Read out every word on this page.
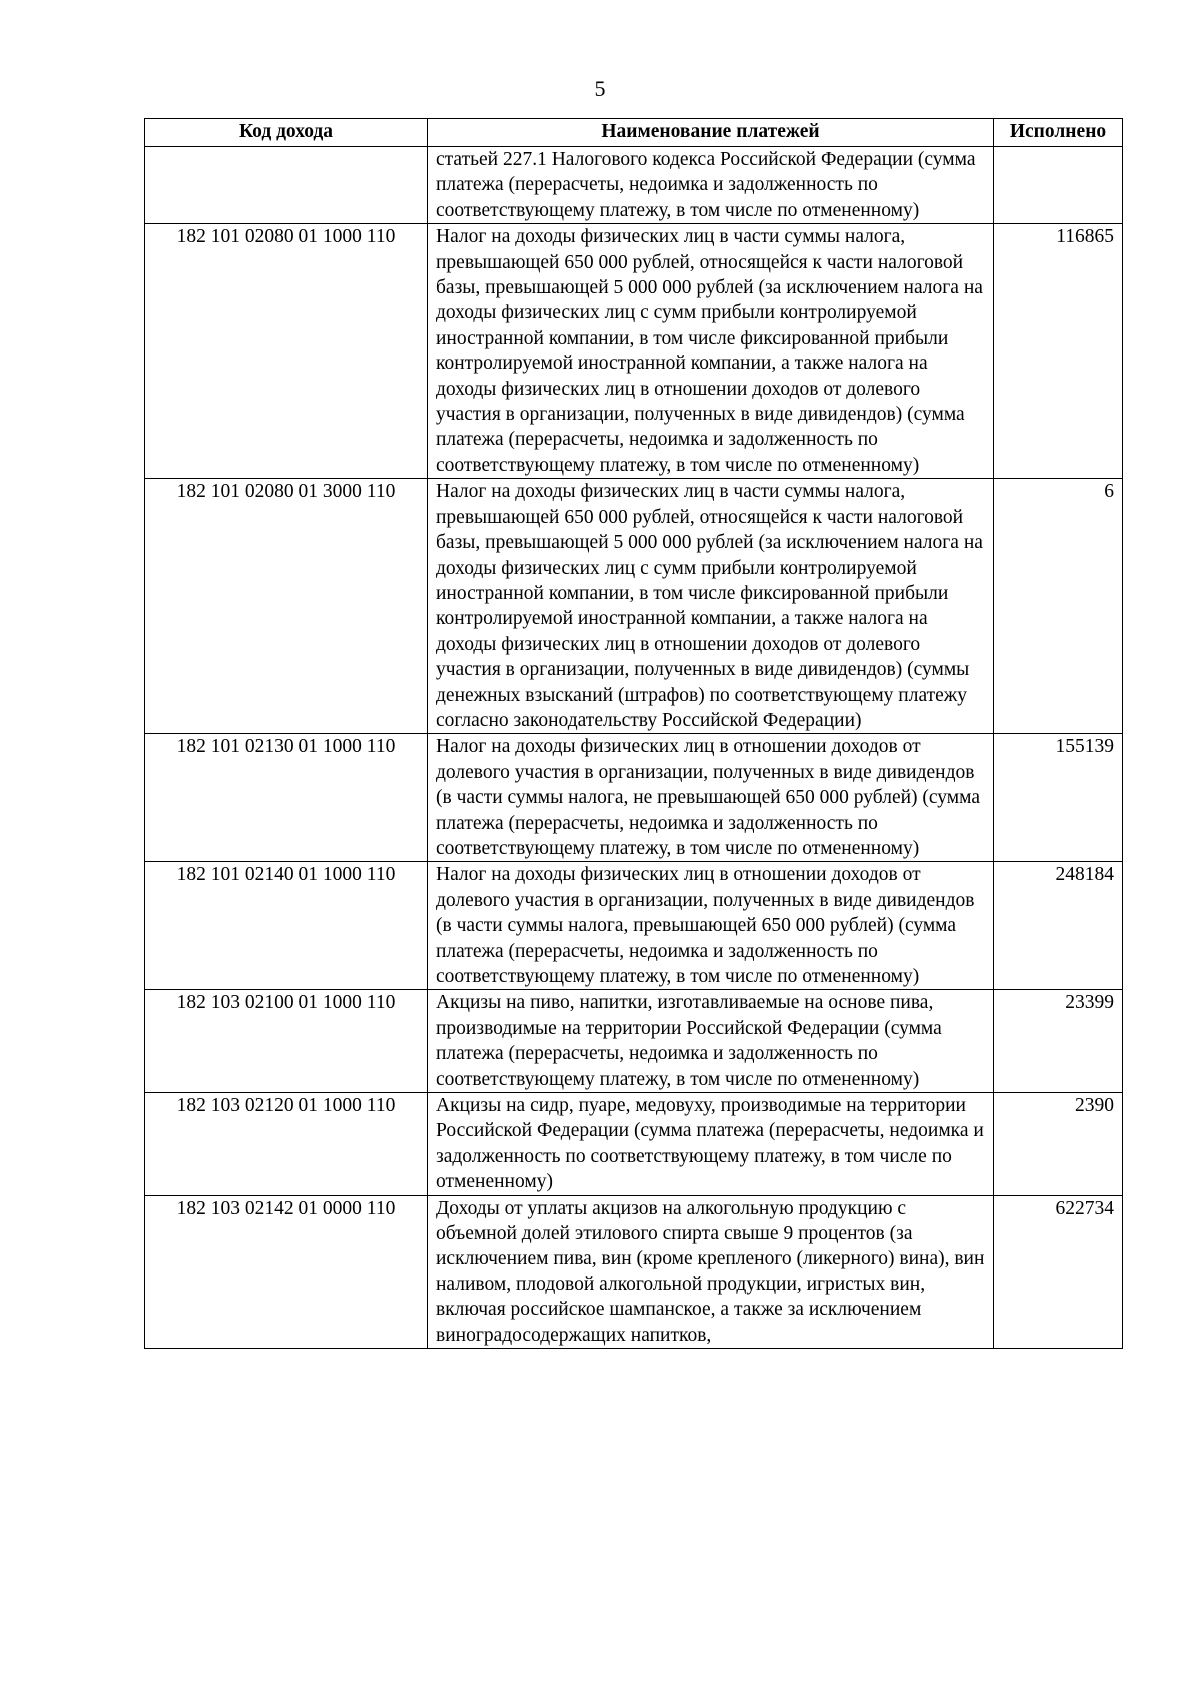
5
Код дохода	Наименование платежей	Исполнено
	статьей 227.1 Налогового кодекса Российской Федерации (сумма платежа (перерасчеты, недоимка и задолженность по соответствующему платежу, в том числе по отмененному)	
182 101 02080 01 1000 110	Налог на доходы физических лиц в части суммы налога, превышающей 650 000 рублей, относящейся к части налоговой базы, превышающей 5 000 000 рублей (за исключением налога на доходы физических лиц с сумм прибыли контролируемой иностранной компании, в том числе фиксированной прибыли контролируемой иностранной компании, а также налога на доходы физических лиц в отношении доходов от долевого участия в организации, полученных в виде дивидендов) (сумма платежа (перерасчеты, недоимка и задолженность по соответствующему платежу, в том числе по отмененному)	116865
182 101 02080 01 3000 110	Налог на доходы физических лиц в части суммы налога, превышающей 650 000 рублей, относящейся к части налоговой базы, превышающей 5 000 000 рублей (за исключением налога на доходы физических лиц с сумм прибыли контролируемой иностранной компании, в том числе фиксированной прибыли контролируемой иностранной компании, а также налога на доходы физических лиц в отношении доходов от долевого участия в организации, полученных в виде дивидендов) (суммы денежных взысканий (штрафов) по соответствующему платежу согласно законодательству Российской Федерации)	6
182 101 02130 01 1000 110	Налог на доходы физических лиц в отношении доходов от долевого участия в организации, полученных в виде дивидендов (в части суммы налога, не превышающей 650 000 рублей) (сумма платежа (перерасчеты, недоимка и задолженность по соответствующему платежу, в том числе по отмененному)	155139
182 101 02140 01 1000 110	Налог на доходы физических лиц в отношении доходов от долевого участия в организации, полученных в виде дивидендов (в части суммы налога, превышающей 650 000 рублей) (сумма платежа (перерасчеты, недоимка и задолженность по соответствующему платежу, в том числе по отмененному)	248184
182 103 02100 01 1000 110	Акцизы на пиво, напитки, изготавливаемые на основе пива, производимые на территории Российской Федерации (сумма платежа (перерасчеты, недоимка и задолженность по соответствующему платежу, в том числе по отмененному)	23399
182 103 02120 01 1000 110	Акцизы на сидр, пуаре, медовуху, производимые на территории Российской Федерации (сумма платежа (перерасчеты, недоимка и задолженность по соответствующему платежу, в том числе по отмененному)	2390
182 103 02142 01 0000 110	Доходы от уплаты акцизов на алкогольную продукцию с объемной долей этилового спирта свыше 9 процентов (за исключением пива, вин (кроме крепленого (ликерного) вина), вин наливом, плодовой алкогольной продукции, игристых вин, включая российское шампанское, а также за исключением виноградосодержащих напитков,	622734
